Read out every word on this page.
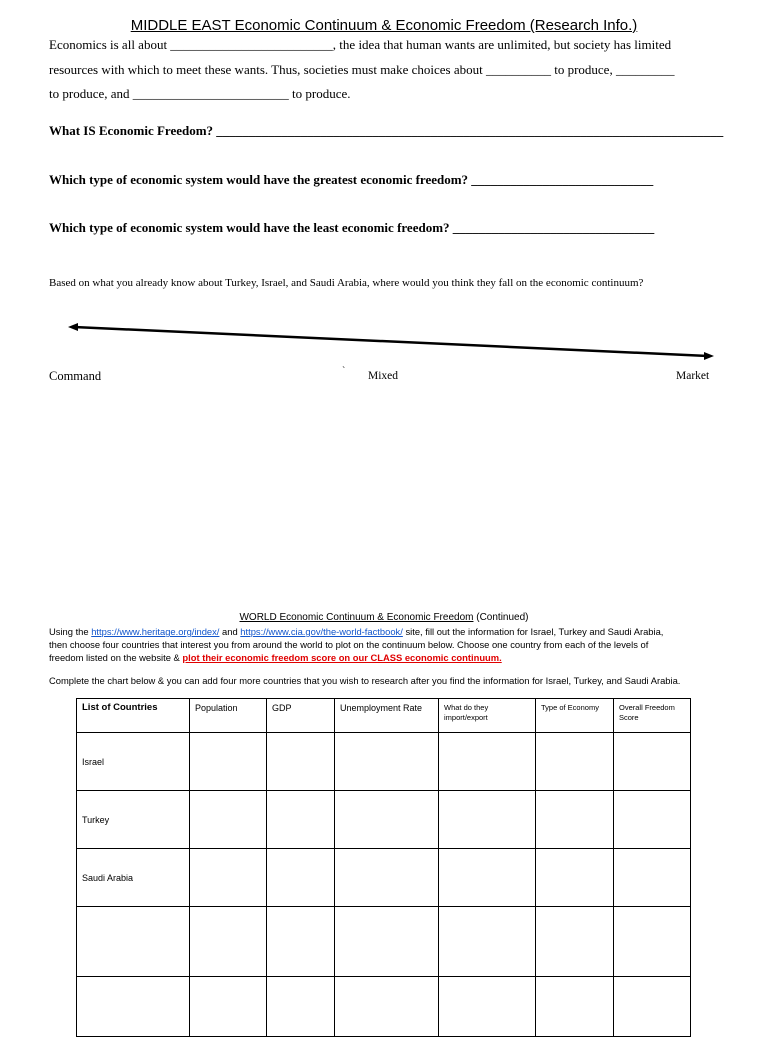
MIDDLE EAST Economic Continuum & Economic Freedom (Research Info.)
Economics is all about _________________________, the idea that human wants are unlimited, but society has limited
resources with which to meet these wants. Thus, societies must make choices about __________ to produce, _________
to produce, and ________________________ to produce.
What IS Economic Freedom? ______________________________________________________________________________
Which type of economic system would have the greatest economic freedom? ____________________________
Which type of economic system would have the least economic freedom? _______________________________
Based on what you already know about Turkey, Israel, and Saudi Arabia, where would you think they fall on the economic continuum?
Command	` Mixed	Market
WORLD Economic Continuum & Economic Freedom (Continued)
Using the https://www.heritage.org/index/ and https://www.cia.gov/the-world-factbook/ site, fill out the information for Israel, Turkey and Saudi Arabia,
then choose four countries that interest you from around the world to plot on the continuum below. Choose one country from each of the levels of
freedom listed on the website & plot their economic freedom score on our CLASS economic continuum.
Complete the chart below & you can add four more countries that you wish to research after you find the information for Israel, Turkey, and Saudi Arabia.
List of Countries	Population	GDP	Unemployment Rate	What do they import/export	Type of Economy	Overall Freedom Score
Israel						
Turkey						
Saudi Arabia						
